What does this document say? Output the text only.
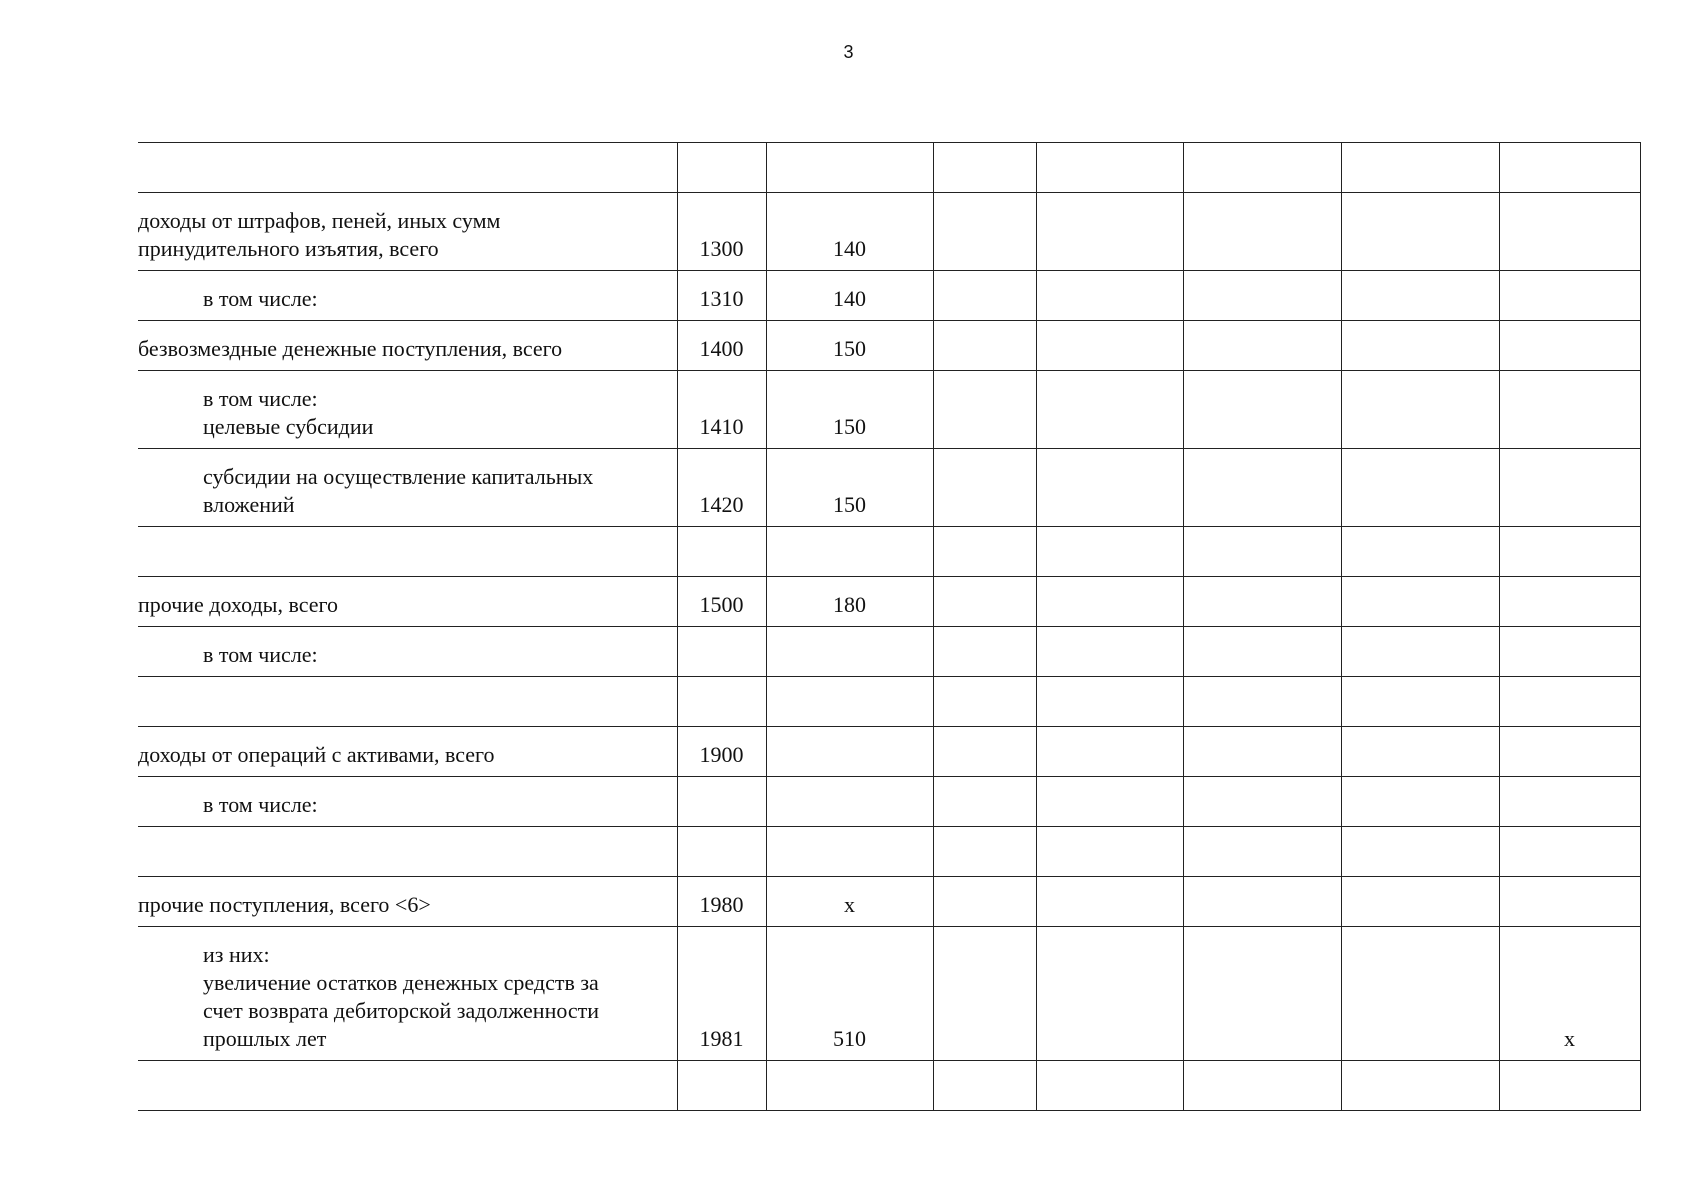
3

доходы от штрафов, пеней, иных сумм
принудительного изъятия, всего	1300	140					

в том числе:	1310	140					

безвозмездные денежные поступления, всего	1400	150					

в том числе:
целевые субсидии	1410	150					

субсидии на осуществление капитальных
вложений	1420	150					

прочие доходы, всего	1500	180					

в том числе:							

доходы от операций с активами, всего	1900						

в том числе:							

прочие поступления, всего <6>	1980	x					

из них:
увеличение остатков денежных средств за
счет возврата дебиторской задолженности
прошлых лет	1981	510					x
